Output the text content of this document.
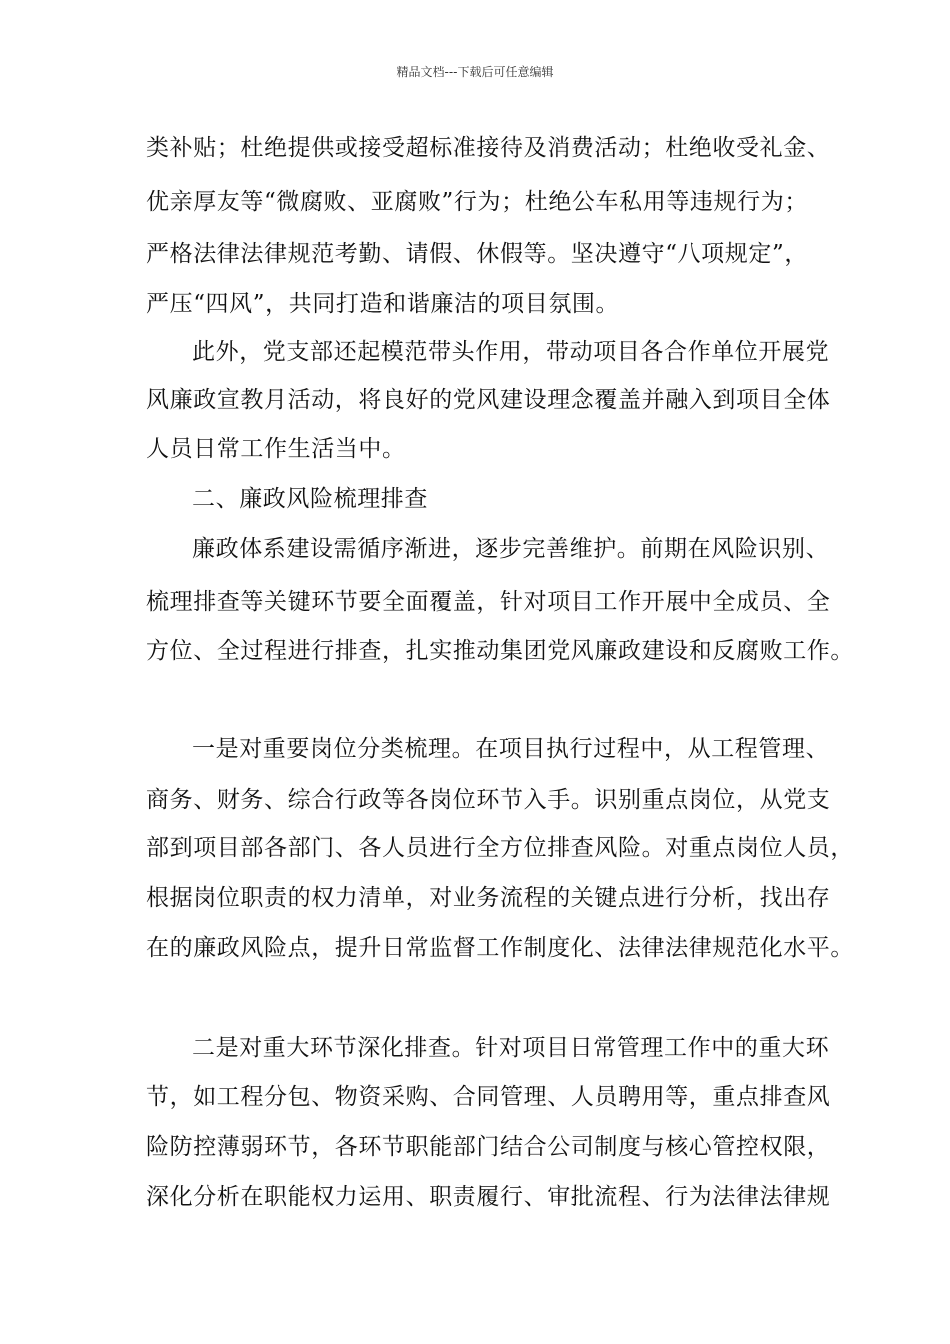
精品文档---下载后可任意编辑
类补贴；杜绝提供或接受超标准接待及消费活动；杜绝收受礼金、
优亲厚友等“微腐败、亚腐败”行为；杜绝公车私用等违规行为；
严格法律法律规范考勤、请假、休假等。坚决遵守“八项规定”，
严压“四风”，共同打造和谐廉洁的项目氛围。
此外，党支部还起模范带头作用，带动项目各合作单位开展党
风廉政宣教月活动，将良好的党风建设理念覆盖并融入到项目全体
人员日常工作生活当中。
二、廉政风险梳理排查
廉政体系建设需循序渐进，逐步完善维护。前期在风险识别、
梳理排查等关键环节要全面覆盖，针对项目工作开展中全成员、全
方位、全过程进行排查，扎实推动集团党风廉政建设和反腐败工作。
一是对重要岗位分类梳理。在项目执行过程中，从工程管理、
商务、财务、综合行政等各岗位环节入手。识别重点岗位，从党支
部到项目部各部门、各人员进行全方位排查风险。对重点岗位人员，
根据岗位职责的权力清单，对业务流程的关键点进行分析，找出存
在的廉政风险点，提升日常监督工作制度化、法律法律规范化水平。
二是对重大环节深化排查。针对项目日常管理工作中的重大环
节，如工程分包、物资采购、合同管理、人员聘用等，重点排查风
险防控薄弱环节，各环节职能部门结合公司制度与核心管控权限，
深化分析在职能权力运用、职责履行、审批流程、行为法律法律规
